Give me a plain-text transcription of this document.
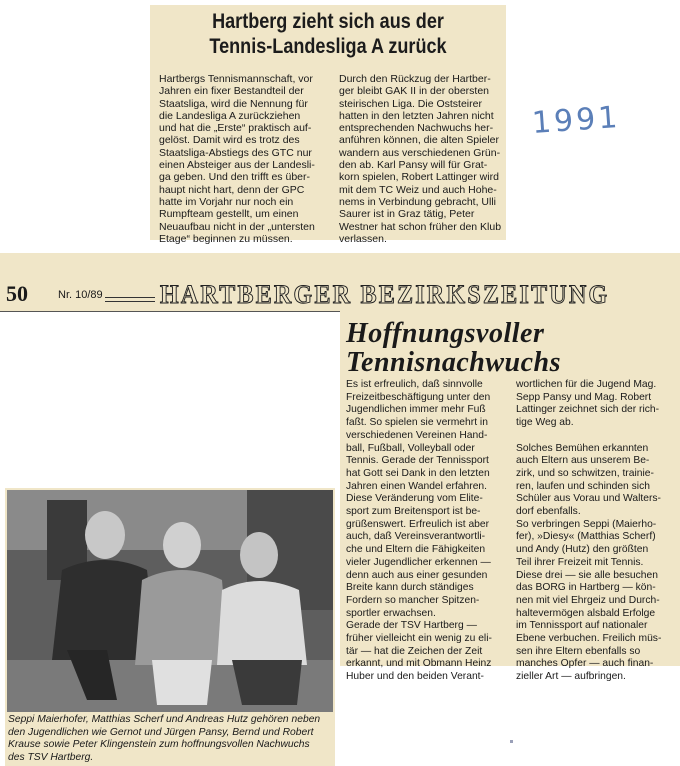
Hartberg zieht sich aus der
Tennis-Landesliga A zurück
Hartbergs Tennismannschaft, vor
Jahren ein fixer Bestandteil der
Staatsliga, wird die Nennung für
die Landesliga A zurückziehen
und hat die „Erste“ praktisch auf-
gelöst. Damit wird es trotz des
Staatsliga-Abstiegs des GTC nur
einen Absteiger aus der Landesli-
ga geben. Und den trifft es über-
haupt nicht hart, denn der GPC
hatte im Vorjahr nur noch ein
Rumpfteam gestellt, um einen
Neuaufbau nicht in der „untersten
Etage“ beginnen zu müssen.
Durch den Rückzug der Hartber-
ger bleibt GAK II in der obersten
steirischen Liga. Die Oststeirer
hatten in den letzten Jahren nicht
entsprechenden Nachwuchs her-
anführen können, die alten Spieler
wandern aus verschiedenen Grün-
den ab. Karl Pansy will für Grat-
korn spielen, Robert Lattinger wird
mit dem TC Weiz und auch Hohe-
nems in Verbindung gebracht, Ulli
Saurer ist in Graz tätig, Peter
Westner hat schon früher den Klub
verlassen.
1991
50	Nr. 10/89 HARTBERGER BEZIRKSZEITUNG
Hoffnungsvoller
Tennisnachwuchs
Es ist erfreulich, daß sinnvolle
Freizeitbeschäftigung unter den
Jugendlichen immer mehr Fuß
faßt. So spielen sie vermehrt in
verschiedenen Vereinen Hand-
ball, Fußball, Volleyball oder
Tennis. Gerade der Tennissport
hat Gott sei Dank in den letzten
Jahren einen Wandel erfahren.
Diese Veränderung vom Elite-
sport zum Breitensport ist be-
grüßenswert. Erfreulich ist aber
auch, daß Vereinsverantwortli-
che und Eltern die Fähigkeiten
vieler Jugendlicher erkennen —
denn auch aus einer gesunden
Breite kann durch ständiges
Fordern so mancher Spitzen-
sportler erwachsen.
Gerade der TSV Hartberg —
früher vielleicht ein wenig zu eli-
tär — hat die Zeichen der Zeit
erkannt, und mit Obmann Heinz
Huber und den beiden Verant-
wortlichen für die Jugend Mag.
Sepp Pansy und Mag. Robert
Lattinger zeichnet sich der rich-
tige Weg ab.

Solches Bemühen erkannten
auch Eltern aus unserem Be-
zirk, und so schwitzen, trainie-
ren, laufen und schinden sich
Schüler aus Vorau und Walters-
dorf ebenfalls.
So verbringen Seppi (Maierho-
fer), »Diesy« (Matthias Scherf)
und Andy (Hutz) den größten
Teil ihrer Freizeit mit Tennis.
Diese drei — sie alle besuchen
das BORG in Hartberg — kön-
nen mit viel Ehrgeiz und Durch-
haltevermögen alsbald Erfolge
im Tennissport auf nationaler
Ebene verbuchen. Freilich müs-
sen ihre Eltern ebenfalls so
manches Opfer — auch finan-
zieller Art — aufbringen.
Seppi Maierhofer, Matthias Scherf und Andreas Hutz gehören neben
den Jugendlichen wie Gernot und Jürgen Pansy, Bernd und Robert
Krause sowie Peter Klingenstein zum hoffnungsvollen Nachwuchs
des TSV Hartberg.
